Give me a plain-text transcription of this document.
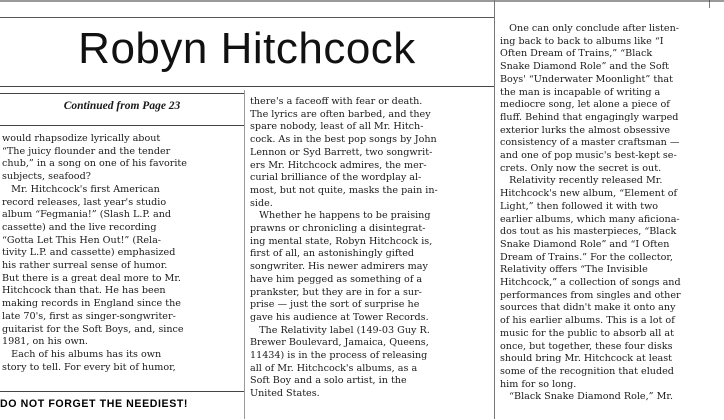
|
Robyn Hitchcock
Continued from Page 23
would rhapsodize lyrically about
“The juicy flounder and the tender
chub,” in a song on one of his favorite
subjects, seafood?
Mr. Hitchcock's first American
record releases, last year's studio
album “Fegmania!” (Slash L.P. and
cassette) and the live recording
“Gotta Let This Hen Out!” (Rela-
tivity L.P. and cassette) emphasized
his rather surreal sense of humor.
But there is a great deal more to Mr.
Hitchcock than that. He has been
making records in England since the
late 70's, first as singer-songwriter-
guitarist for the Soft Boys, and, since
1981, on his own.
Each of his albums has its own
story to tell. For every bit of humor,
there's a faceoff with fear or death.
The lyrics are often barbed, and they
spare nobody, least of all Mr. Hitch-
cock. As in the best pop songs by John
Lennon or Syd Barrett, two songwrit-
ers Mr. Hitchcock admires, the mer-
curial brilliance of the wordplay al-
most, but not quite, masks the pain in-
side.
Whether he happens to be praising
prawns or chronicling a disintegrat-
ing mental state, Robyn Hitchcock is,
first of all, an astonishingly gifted
songwriter. His newer admirers may
have him pegged as something of a
prankster, but they are in for a sur-
prise — just the sort of surprise he
gave his audience at Tower Records.
The Relativity label (149-03 Guy R.
Brewer Boulevard, Jamaica, Queens,
11434) is in the process of releasing
all of Mr. Hitchcock's albums, as a
Soft Boy and a solo artist, in the
United States.
One can only conclude after listen-
ing back to back to albums like “I
Often Dream of Trains,” “Black
Snake Diamond Role” and the Soft
Boys' “Underwater Moonlight” that
the man is incapable of writing a
mediocre song, let alone a piece of
fluff. Behind that engagingly warped
exterior lurks the almost obsessive
consistency of a master craftsman —
and one of pop music's best-kept se-
crets. Only now the secret is out.
Relativity recently released Mr.
Hitchcock's new album, “Element of
Light,” then followed it with two
earlier albums, which many aficiona-
dos tout as his masterpieces, “Black
Snake Diamond Role” and “I Often
Dream of Trains.” For the collector,
Relativity offers “The Invisible
Hitchcock,” a collection of songs and
performances from singles and other
sources that didn't make it onto any
of his earlier albums. This is a lot of
music for the public to absorb all at
once, but together, these four disks
should bring Mr. Hitchcock at least
some of the recognition that eluded
him for so long.
“Black Snake Diamond Role,” Mr.
DO NOT FORGET THE NEEDIEST!
